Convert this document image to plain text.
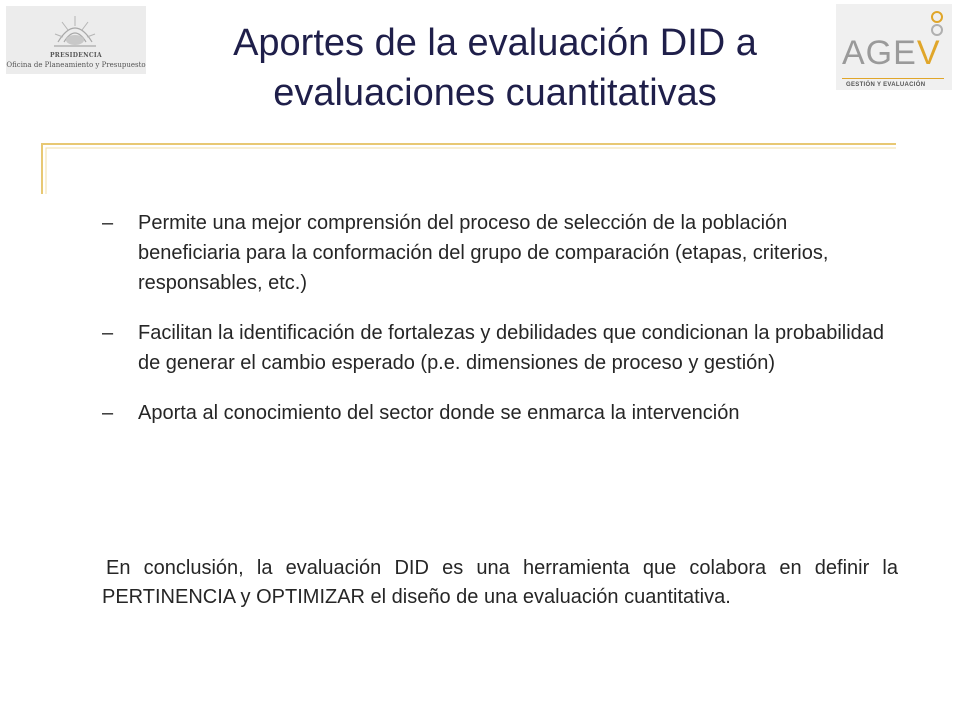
PRESIDENCIA
Oficina de Planeamiento y Presupuesto	AGEV
GESTIÓN Y EVALUACIÓN
Aportes de la evaluación DID a
evaluaciones cuantitativas
– Permite una mejor comprensión del proceso de selección de la población beneficiaria para la conformación del grupo de comparación (etapas, criterios, responsables, etc.)
– Facilitan la identificación de fortalezas y debilidades que condicionan la probabilidad de generar el cambio esperado (p.e. dimensiones de proceso y gestión)
– Aporta al conocimiento del sector donde se enmarca la intervención
En conclusión, la evaluación DID es una herramienta que colabora en definir la PERTINENCIA y OPTIMIZAR el diseño de una evaluación cuantitativa.
